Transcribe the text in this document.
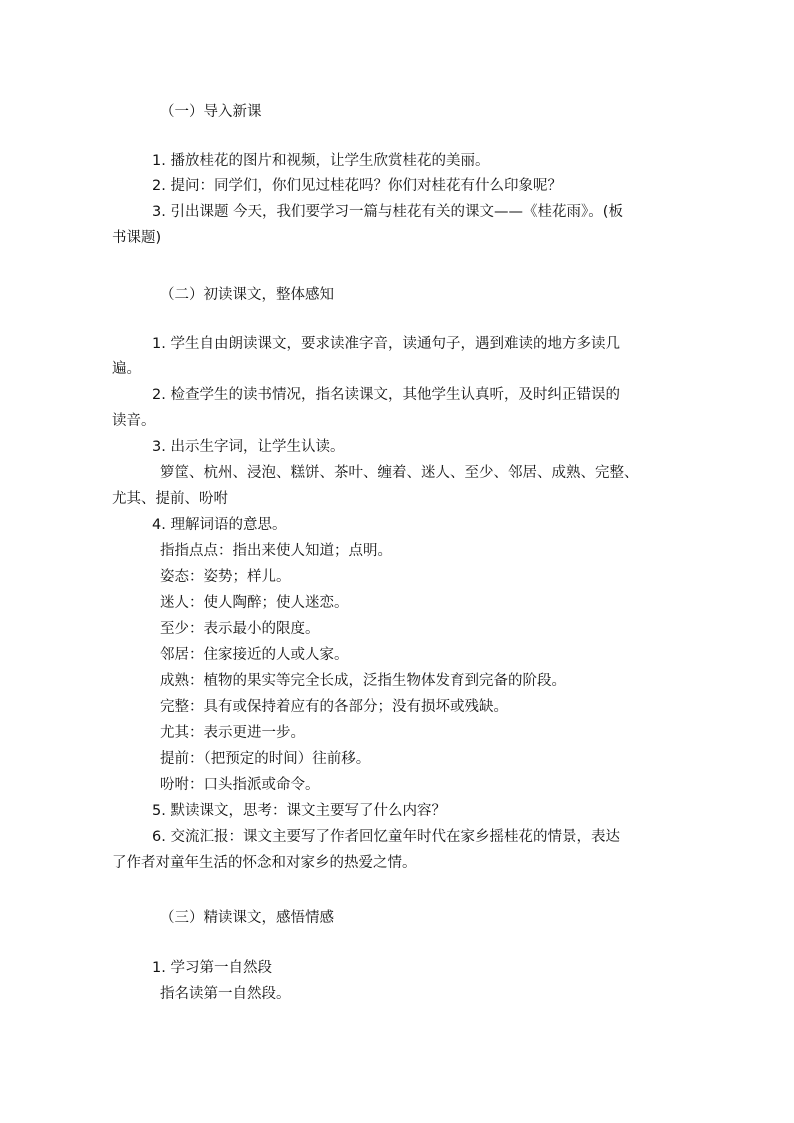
（一）导入新课

1. 播放桂花的图片和视频，让学生欣赏桂花的美丽。

2. 提问：同学们，你们见过桂花吗？你们对桂花有什么印象呢？

3. 引出课题 今天，我们要学习一篇与桂花有关的课文——《桂花雨》。(板

书课题)

（二）初读课文，整体感知

1. 学生自由朗读课文，要求读准字音，读通句子，遇到难读的地方多读几

遍。

2. 检查学生的读书情况，指名读课文，其他学生认真听，及时纠正错误的

读音。

3. 出示生字词，让学生认读。

箩筐、杭州、浸泡、糕饼、茶叶、缠着、迷人、至少、邻居、成熟、完整、

尤其、提前、吩咐

4. 理解词语的意思。

指指点点：指出来使人知道；点明。

姿态：姿势；样儿。

迷人：使人陶醉；使人迷恋。

至少：表示最小的限度。

邻居：住家接近的人或人家。

成熟：植物的果实等完全长成，泛指生物体发育到完备的阶段。

完整：具有或保持着应有的各部分；没有损坏或残缺。

尤其：表示更进一步。

提前：（把预定的时间）往前移。

吩咐：口头指派或命令。

5. 默读课文，思考：课文主要写了什么内容？

6. 交流汇报：课文主要写了作者回忆童年时代在家乡摇桂花的情景，表达

了作者对童年生活的怀念和对家乡的热爱之情。

（三）精读课文，感悟情感

1. 学习第一自然段

指名读第一自然段。
